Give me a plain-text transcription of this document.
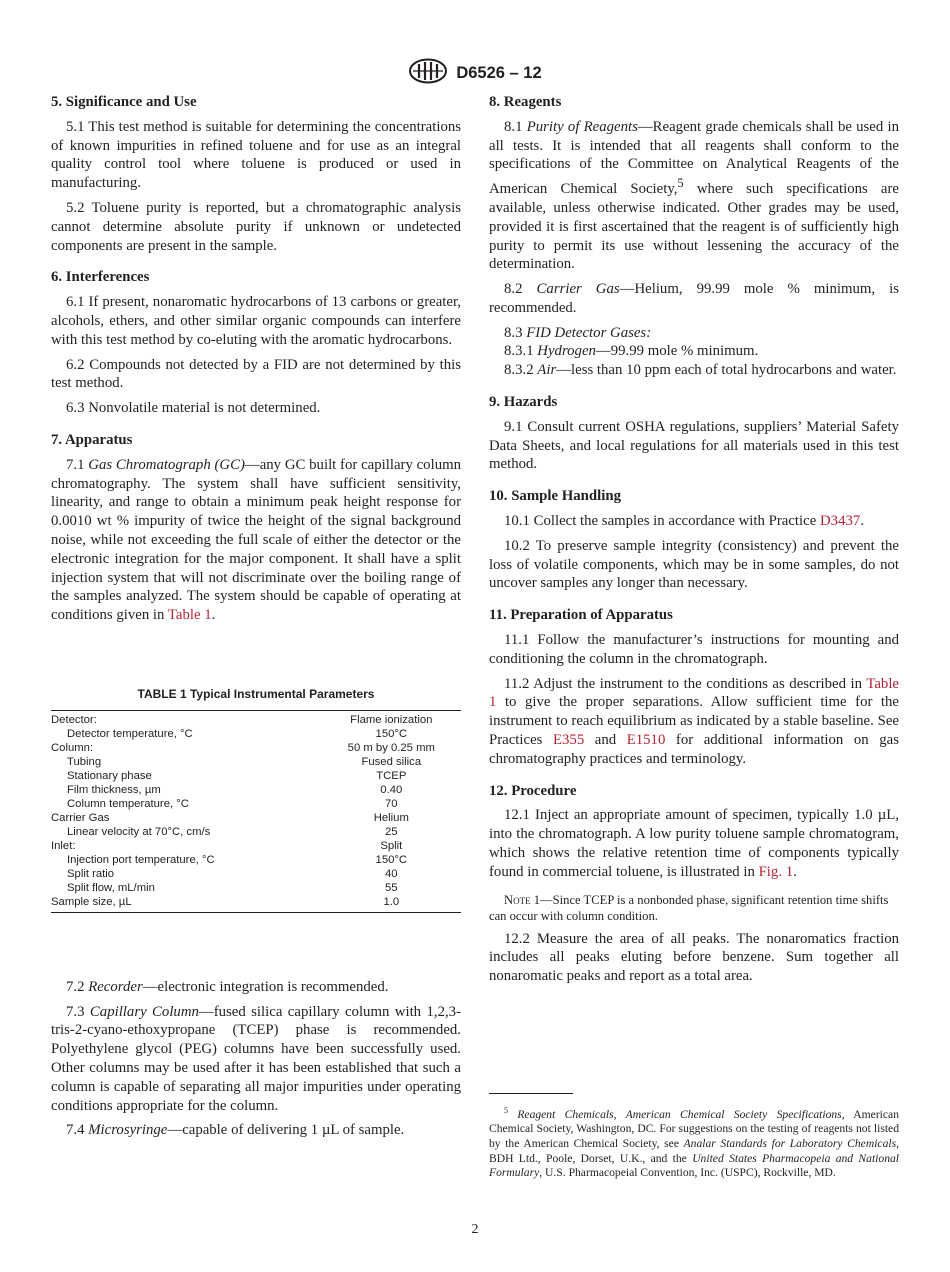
D6526 – 12
5. Significance and Use

5.1 This test method is suitable for determining the concentrations of known impurities in refined toluene and for use as an integral quality control tool where toluene is produced or used in manufacturing.

5.2 Toluene purity is reported, but a chromatographic analysis cannot determine absolute purity if unknown or undetected components are present in the sample.

6. Interferences

6.1 If present, nonaromatic hydrocarbons of 13 carbons or greater, alcohols, ethers, and other similar organic compounds can interfere with this test method by co-eluting with the aromatic hydrocarbons.

6.2 Compounds not detected by a FID are not determined by this test method.

6.3 Nonvolatile material is not determined.

7. Apparatus

7.1 Gas Chromatograph (GC)—any GC built for capillary column chromatography. The system shall have sufficient sensitivity, linearity, and range to obtain a minimum peak height response for 0.0010 wt % impurity of twice the height of the signal background noise, while not exceeding the full scale of either the detector or the electronic integration for the major component. It shall have a split injection system that will not discriminate over the boiling range of the samples analyzed. The system should be capable of operating at conditions given in Table 1.

TABLE 1 Typical Instrumental Parameters
Detector:	Flame ionization
Detector temperature, °C	150°C
Column:	50 m by 0.25 mm
Tubing	Fused silica
Stationary phase	TCEP
Film thickness, µm	0.40
Column temperature, °C	70
Carrier Gas	Helium
Linear velocity at 70°C, cm/s	25
Inlet:	Split
Injection port temperature, °C	150°C
Split ratio	40
Split flow, mL/min	55
Sample size, µL	1.0

7.2 Recorder—electronic integration is recommended.

7.3 Capillary Column—fused silica capillary column with 1,2,3-tris-2-cyano-ethoxypropane (TCEP) phase is recommended. Polyethylene glycol (PEG) columns have been successfully used. Other columns may be used after it has been established that such a column is capable of separating all major impurities under operating conditions appropriate for the column.

7.4 Microsyringe—capable of delivering 1 µL of sample.

8. Reagents

8.1 Purity of Reagents—Reagent grade chemicals shall be used in all tests. It is intended that all reagents shall conform to the specifications of the Committee on Analytical Reagents of the American Chemical Society,$^5$ where such specifications are available, unless otherwise indicated. Other grades may be used, provided it is first ascertained that the reagent is of sufficiently high purity to permit its use without lessening the accuracy of the determination.

8.2 Carrier Gas—Helium, 99.99 mole % minimum, is recommended.

8.3 FID Detector Gases:

8.3.1 Hydrogen—99.99 mole % minimum.

8.3.2 Air—less than 10 ppm each of total hydrocarbons and water.

9. Hazards

9.1 Consult current OSHA regulations, suppliers’ Material Safety Data Sheets, and local regulations for all materials used in this test method.

10. Sample Handling

10.1 Collect the samples in accordance with Practice D3437.

10.2 To preserve sample integrity (consistency) and prevent the loss of volatile components, which may be in some samples, do not uncover samples any longer than necessary.

11. Preparation of Apparatus

11.1 Follow the manufacturer’s instructions for mounting and conditioning the column in the chromatograph.

11.2 Adjust the instrument to the conditions as described in Table 1 to give the proper separations. Allow sufficient time for the instrument to reach equilibrium as indicated by a stable baseline. See Practices E355 and E1510 for additional information on gas chromatography practices and terminology.

12. Procedure

12.1 Inject an appropriate amount of specimen, typically 1.0 µL, into the chromatograph. A low purity toluene sample chromatogram, which shows the relative retention time of components typically found in commercial toluene, is illustrated in Fig. 1.

Note 1—Since TCEP is a nonbonded phase, significant retention time shifts can occur with column condition.

12.2 Measure the area of all peaks. The nonaromatics fraction includes all peaks eluting before benzene. Sum together all nonaromatic peaks and report as a total area.

$^5$ Reagent Chemicals, American Chemical Society Specifications, American Chemical Society, Washington, DC. For suggestions on the testing of reagents not listed by the American Chemical Society, see Analar Standards for Laboratory Chemicals, BDH Ltd., Poole, Dorset, U.K., and the United States Pharmacopeia and National Formulary, U.S. Pharmacopeial Convention, Inc. (USPC), Rockville, MD.

2
